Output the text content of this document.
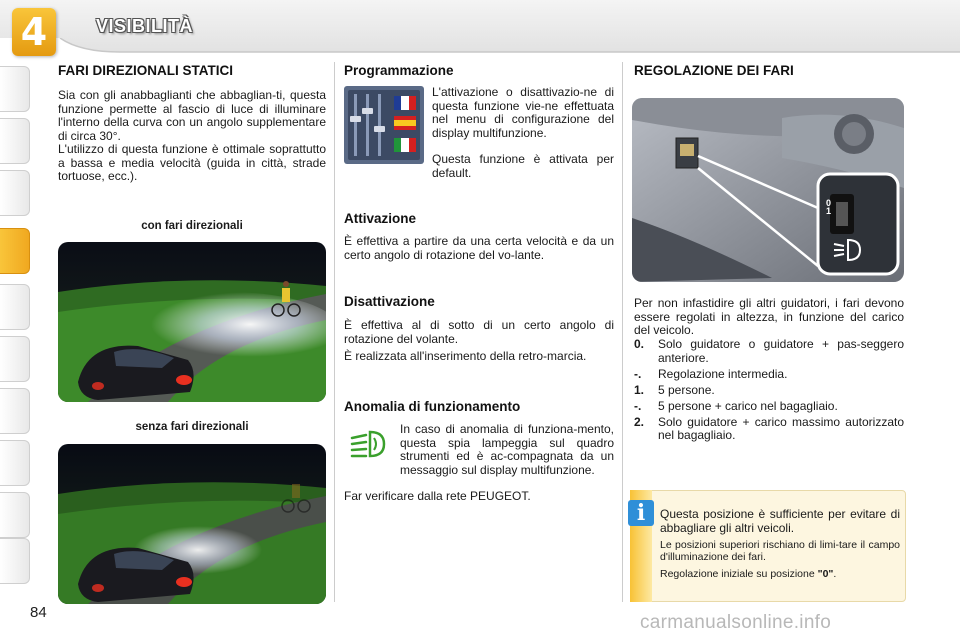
4	VISIBILITÀ
FARI DIREZIONALI STATICI
Sia con gli anabbaglianti che abbaglian-ti, questa funzione permette al fascio di luce di illuminare l'interno della curva con un angolo supplementare di circa 30°.
L'utilizzo di questa funzione è ottimale soprattutto a bassa e media velocità (guida in città, strade tortuose, ecc.).
con fari direzionali
senza fari direzionali
Programmazione
L'attivazione o disattivazio-ne di questa funzione vie-ne effettuata nel menu di configurazione del display multifunzione.
Questa funzione è attivata per default.
Attivazione
È effettiva a partire da una certa velocità e da un certo angolo di rotazione del vo-lante.
Disattivazione
È effettiva al di sotto di un certo angolo di rotazione del volante.
È realizzata all'inserimento della retro-marcia.
Anomalia di funzionamento
In caso di anomalia di funziona-mento, questa spia lampeggia sul quadro strumenti ed è ac-compagnata da un messaggio sul display multifunzione.
Far verificare dalla rete PEUGEOT.
REGOLAZIONE DEI FARI
1
0
Per non infastidire gli altri guidatori, i fari devono essere regolati in altezza, in funzione del carico del veicolo.
0.	Solo guidatore o guidatore + pas-seggero anteriore.
-.	Regolazione intermedia.
1.	5 persone.
-.	5 persone + carico nel bagagliaio.
2.	Solo guidatore + carico massimo autorizzato nel bagagliaio.
i	Questa posizione è sufficiente per evitare di abbagliare gli altri veicoli.
Le posizioni superiori rischiano di limi-tare il campo d'illuminazione dei fari.
Regolazione iniziale su posizione "0".
84	carmanualsonline.info
